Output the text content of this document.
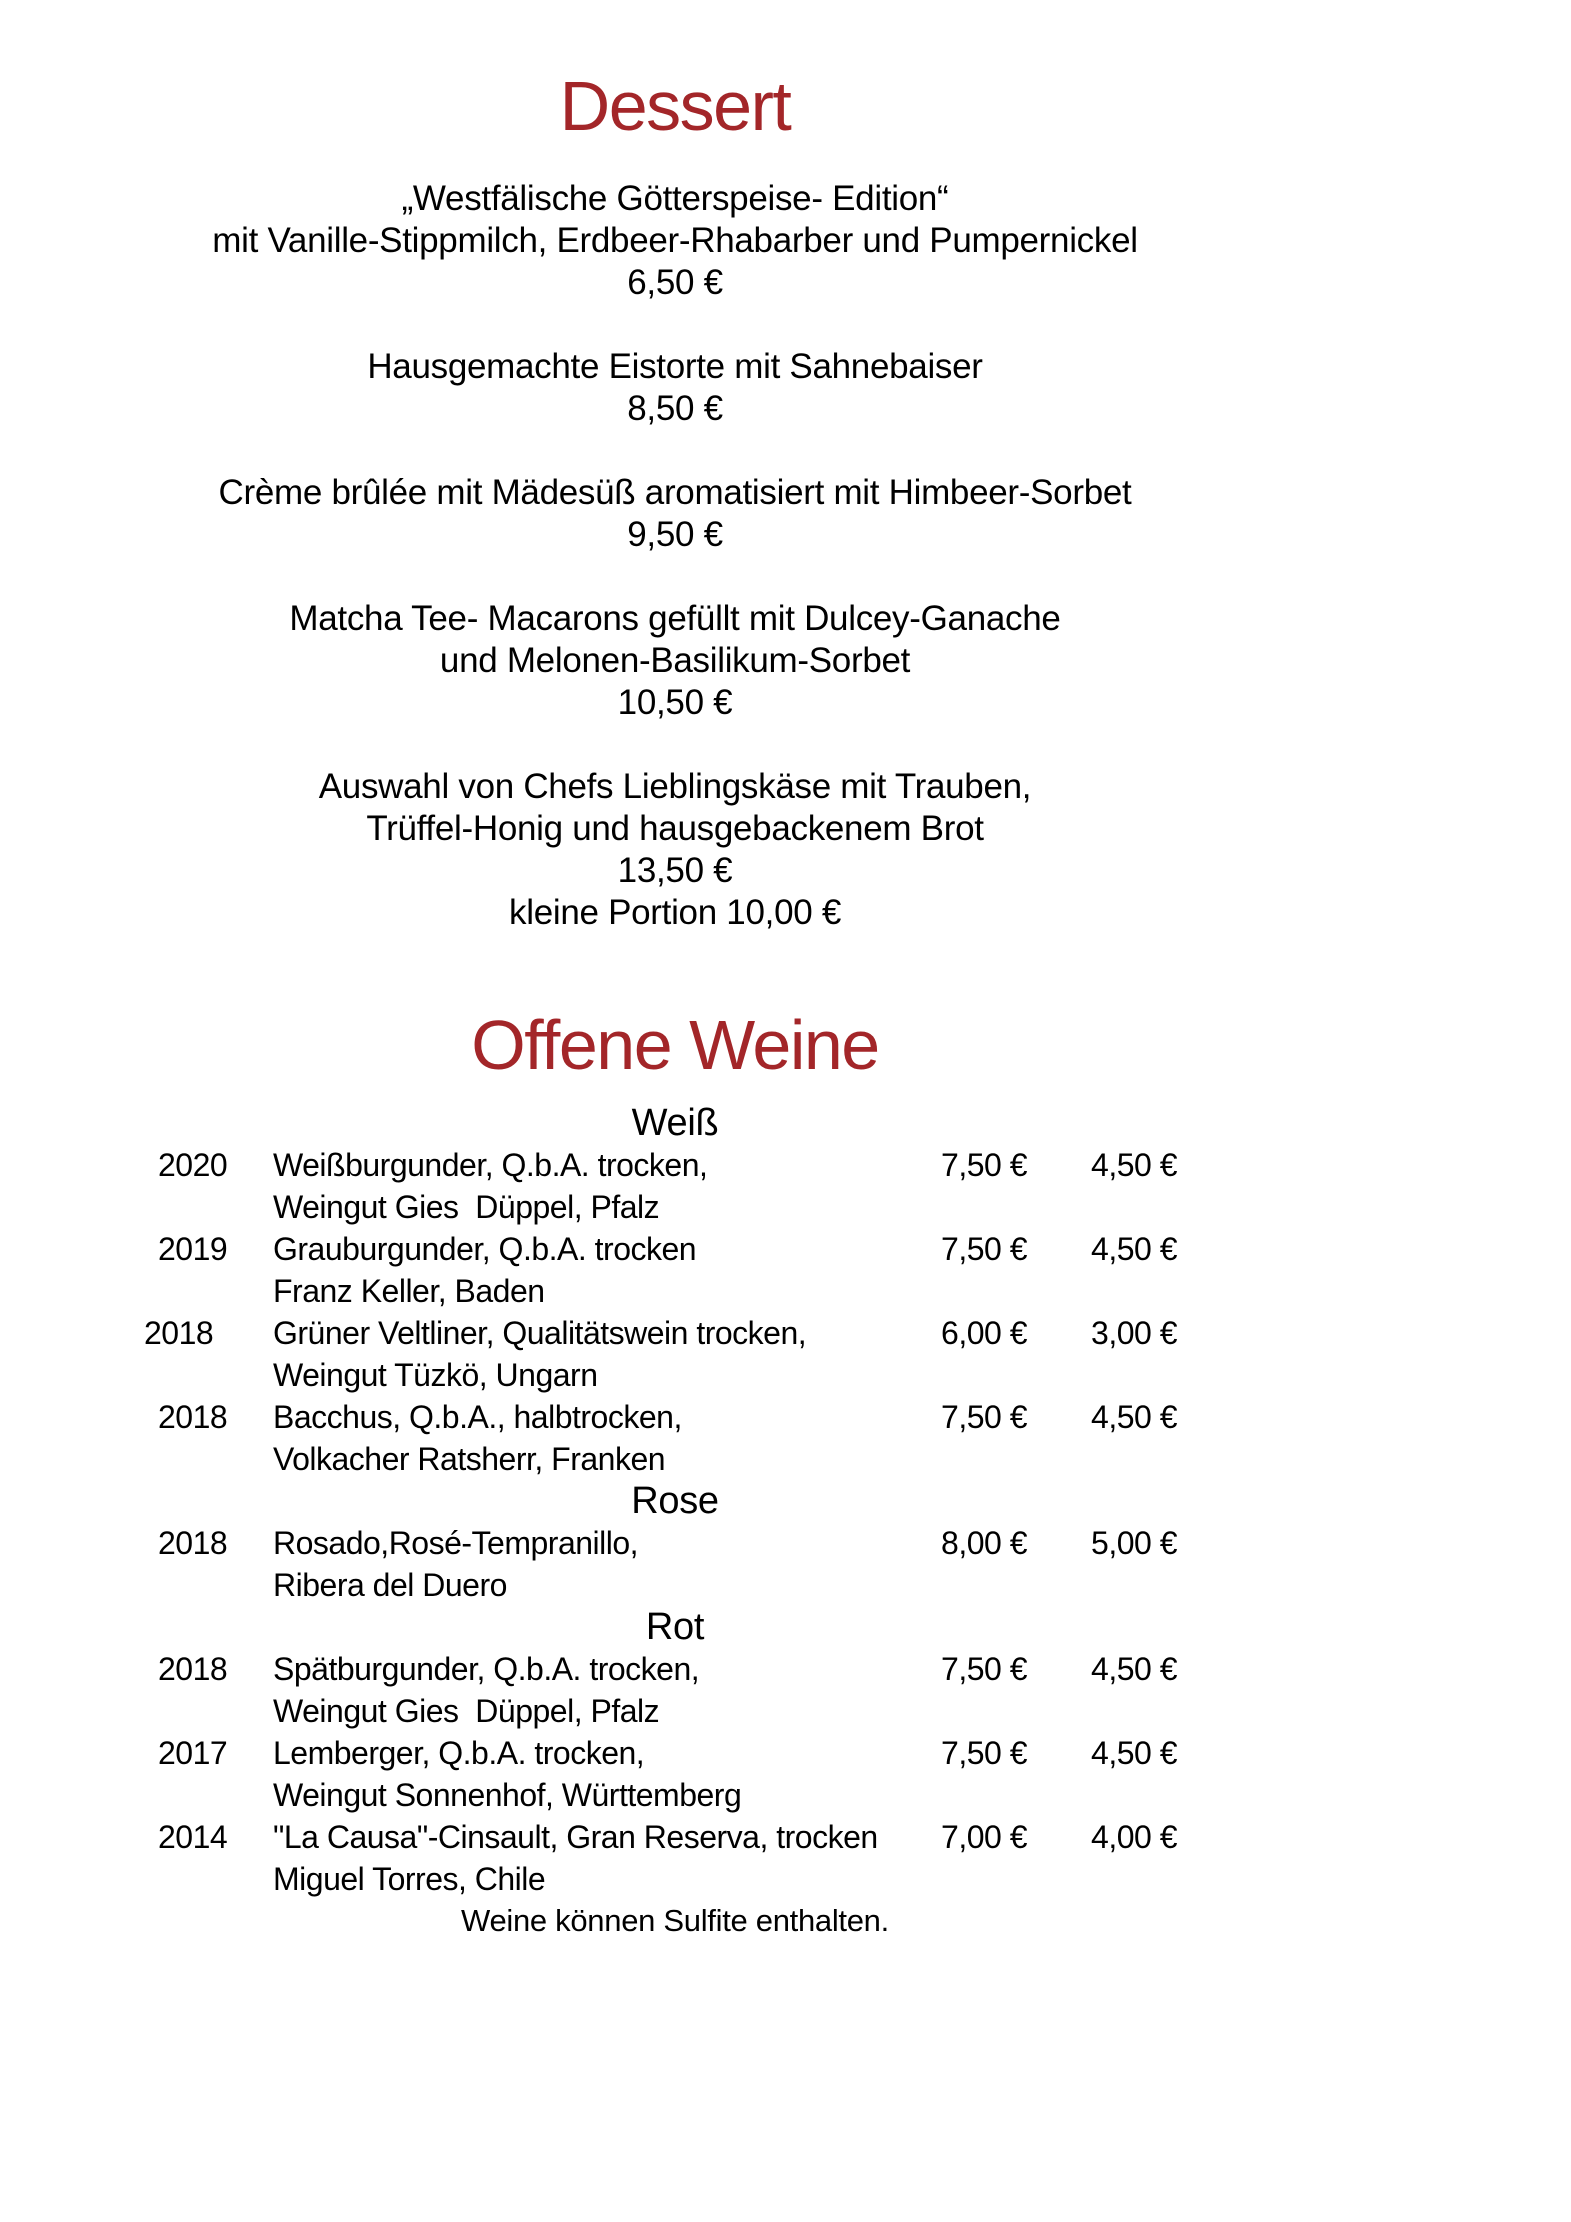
Dessert
„Westfälische Götterspeise- Edition“
mit Vanille-Stippmilch, Erdbeer-Rhabarber und Pumpernickel
6,50 €
Hausgemachte Eistorte mit Sahnebaiser
8,50 €
Crème brûlée mit Mädesüß aromatisiert mit Himbeer-Sorbet
9,50 €
Matcha Tee- Macarons gefüllt mit Dulcey-Ganache
und Melonen-Basilikum-Sorbet
10,50 €
Auswahl von Chefs Lieblingskäse mit Trauben,
Trüffel-Honig und hausgebackenem Brot
13,50 €
kleine Portion 10,00 €
Offene Weine
Weiß
2020	Weißburgunder, Q.b.A. trocken,	7,50 €	4,50 €
Weingut Gies  Düppel, Pfalz
2019	Grauburgunder, Q.b.A. trocken	7,50 €	4,50 €
Franz Keller, Baden
2018	Grüner Veltliner, Qualitätswein trocken,	6,00 €	3,00 €
Weingut Tüzkö, Ungarn
2018	Bacchus, Q.b.A., halbtrocken,	7,50 €	4,50 €
Volkacher Ratsherr, Franken
Rose
2018	Rosado,Rosé-Tempranillo,	8,00 €	5,00 €
Ribera del Duero
Rot
2018	Spätburgunder, Q.b.A. trocken,	7,50 €	4,50 €
Weingut Gies  Düppel, Pfalz
2017	Lemberger, Q.b.A. trocken,	7,50 €	4,50 €
Weingut Sonnenhof, Württemberg
2014	"La Causa"-Cinsault, Gran Reserva, trocken	7,00 €	4,00 €
Miguel Torres, Chile
Weine können Sulfite enthalten.
